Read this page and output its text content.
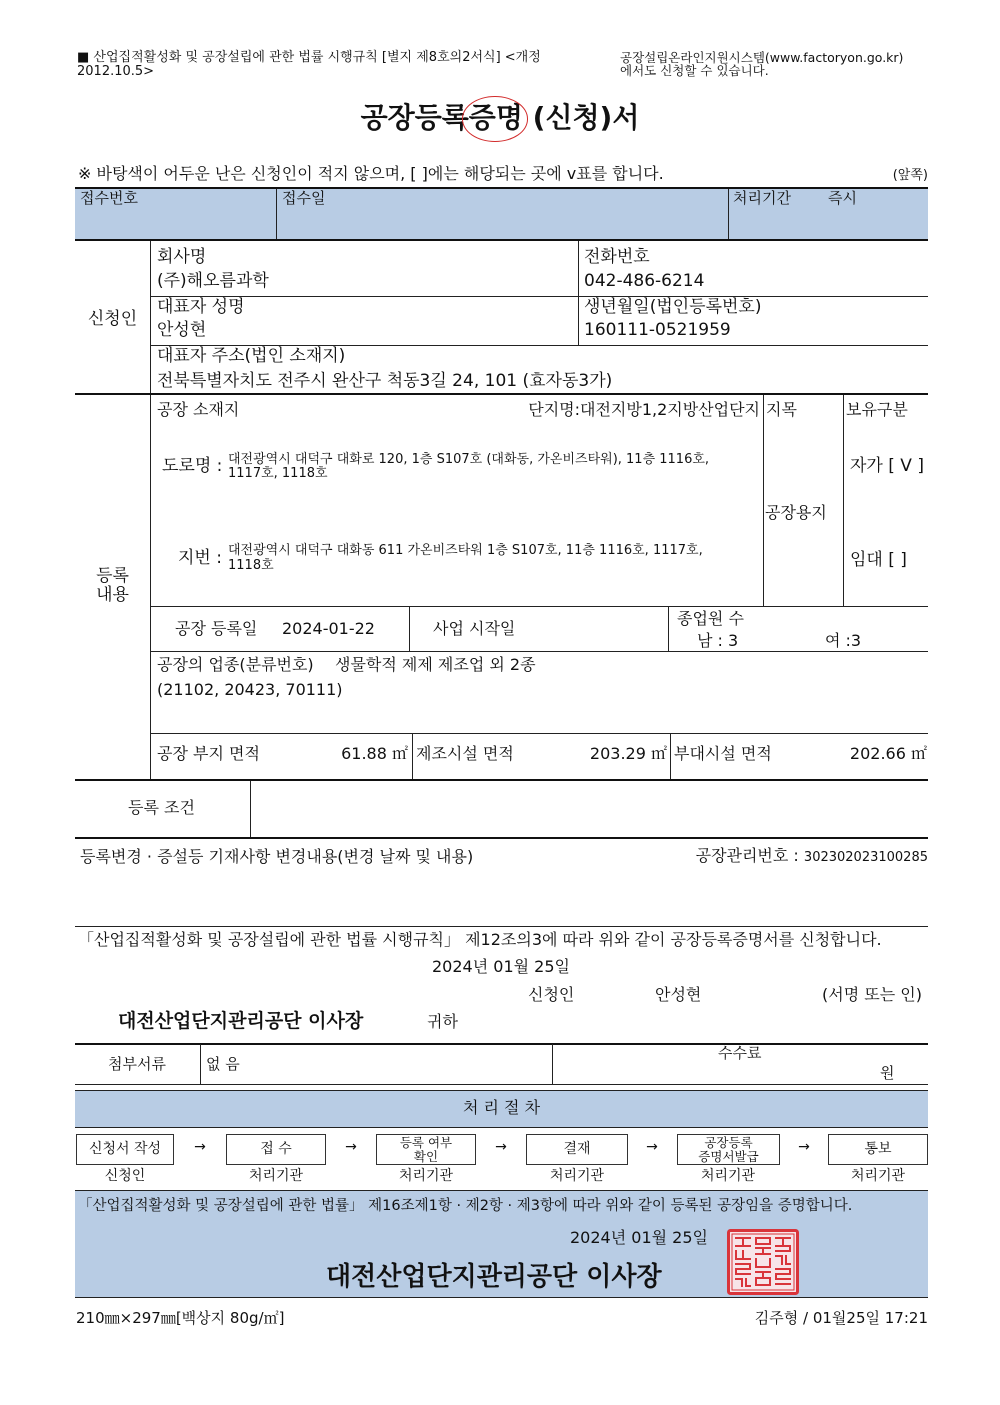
■ 산업집적활성화 및 공장설립에 관한 법률 시행규칙 [별지 제8호의2서식] <개정
2012.10.5>
공장설립온라인지원시스템(www.factoryon.go.kr)
에서도 신청할 수 있습니다.
공장등록증명 (신청)서
※ 바탕색이 어두운 난은 신청인이 적지 않으며, [ ]에는 해당되는 곳에 v표를 합니다.	(앞쪽)
접수번호	접수일	처리기간 즉시
신청인
회사명
(주)해오름과학
전화번호
042-486-6214
대표자 성명
안성현
생년월일(법인등록번호)
160111-0521959
대표자 주소(법인 소재지)
전북특별자치도 전주시 완산구 척동3길 24, 101 (효자동3가)
등록
내용
공장 소재지	단지명:대전지방1,2지방산업단지 지목	보유구분
도로명 : 대전광역시 대덕구 대화로 120, 1층 S107호 (대화동, 가온비즈타워), 11층 1116호,
1117호, 1118호	자가 [ V ]
공장용지
지번 : 대전광역시 대덕구 대화동 611 가온비즈타워 1층 S107호, 11층 1116호, 1117호,
1118호	임대 [ ]
공장 등록일 2024-01-22	사업 시작일
종업원 수
남 : 3	여 :3
공장의 업종(분류번호) 생물학적 제제 제조업 외 2종
(21102, 20423, 70111)
공장 부지 면적	61.88 ㎡ 제조시설 면적	203.29 ㎡ 부대시설 면적	202.66 ㎡
등록 조건
등록변경 · 증설등 기재사항 변경내용(변경 날짜 및 내용)	공장관리번호 : 302302023100285
「산업집적활성화 및 공장설립에 관한 법률 시행규칙」 제12조의3에 따라 위와 같이 공장등록증명서를 신청합니다.
2024년 01월 25일
신청인	안성현	(서명 또는 인)
대전산업단지관리공단 이사장	귀하
첨부서류	없 음
수수료
원
처 리 절 차
신청서 작성	→	접 수	→	등록 여부
확인
→	결재	→	공장등록
증명서발급
→	통보
신청인	처리기관	처리기관	처리기관	처리기관	처리기관
「산업집적활성화 및 공장설립에 관한 법률」 제16조제1항 · 제2항 · 제3항에 따라 위와 같이 등록된 공장임을 증명합니다.
2024년 01월 25일
대전산업단지관리공단 이사장
210㎜×297㎜[백상지 80g/㎡]	김주형 / 01월25일 17:21
